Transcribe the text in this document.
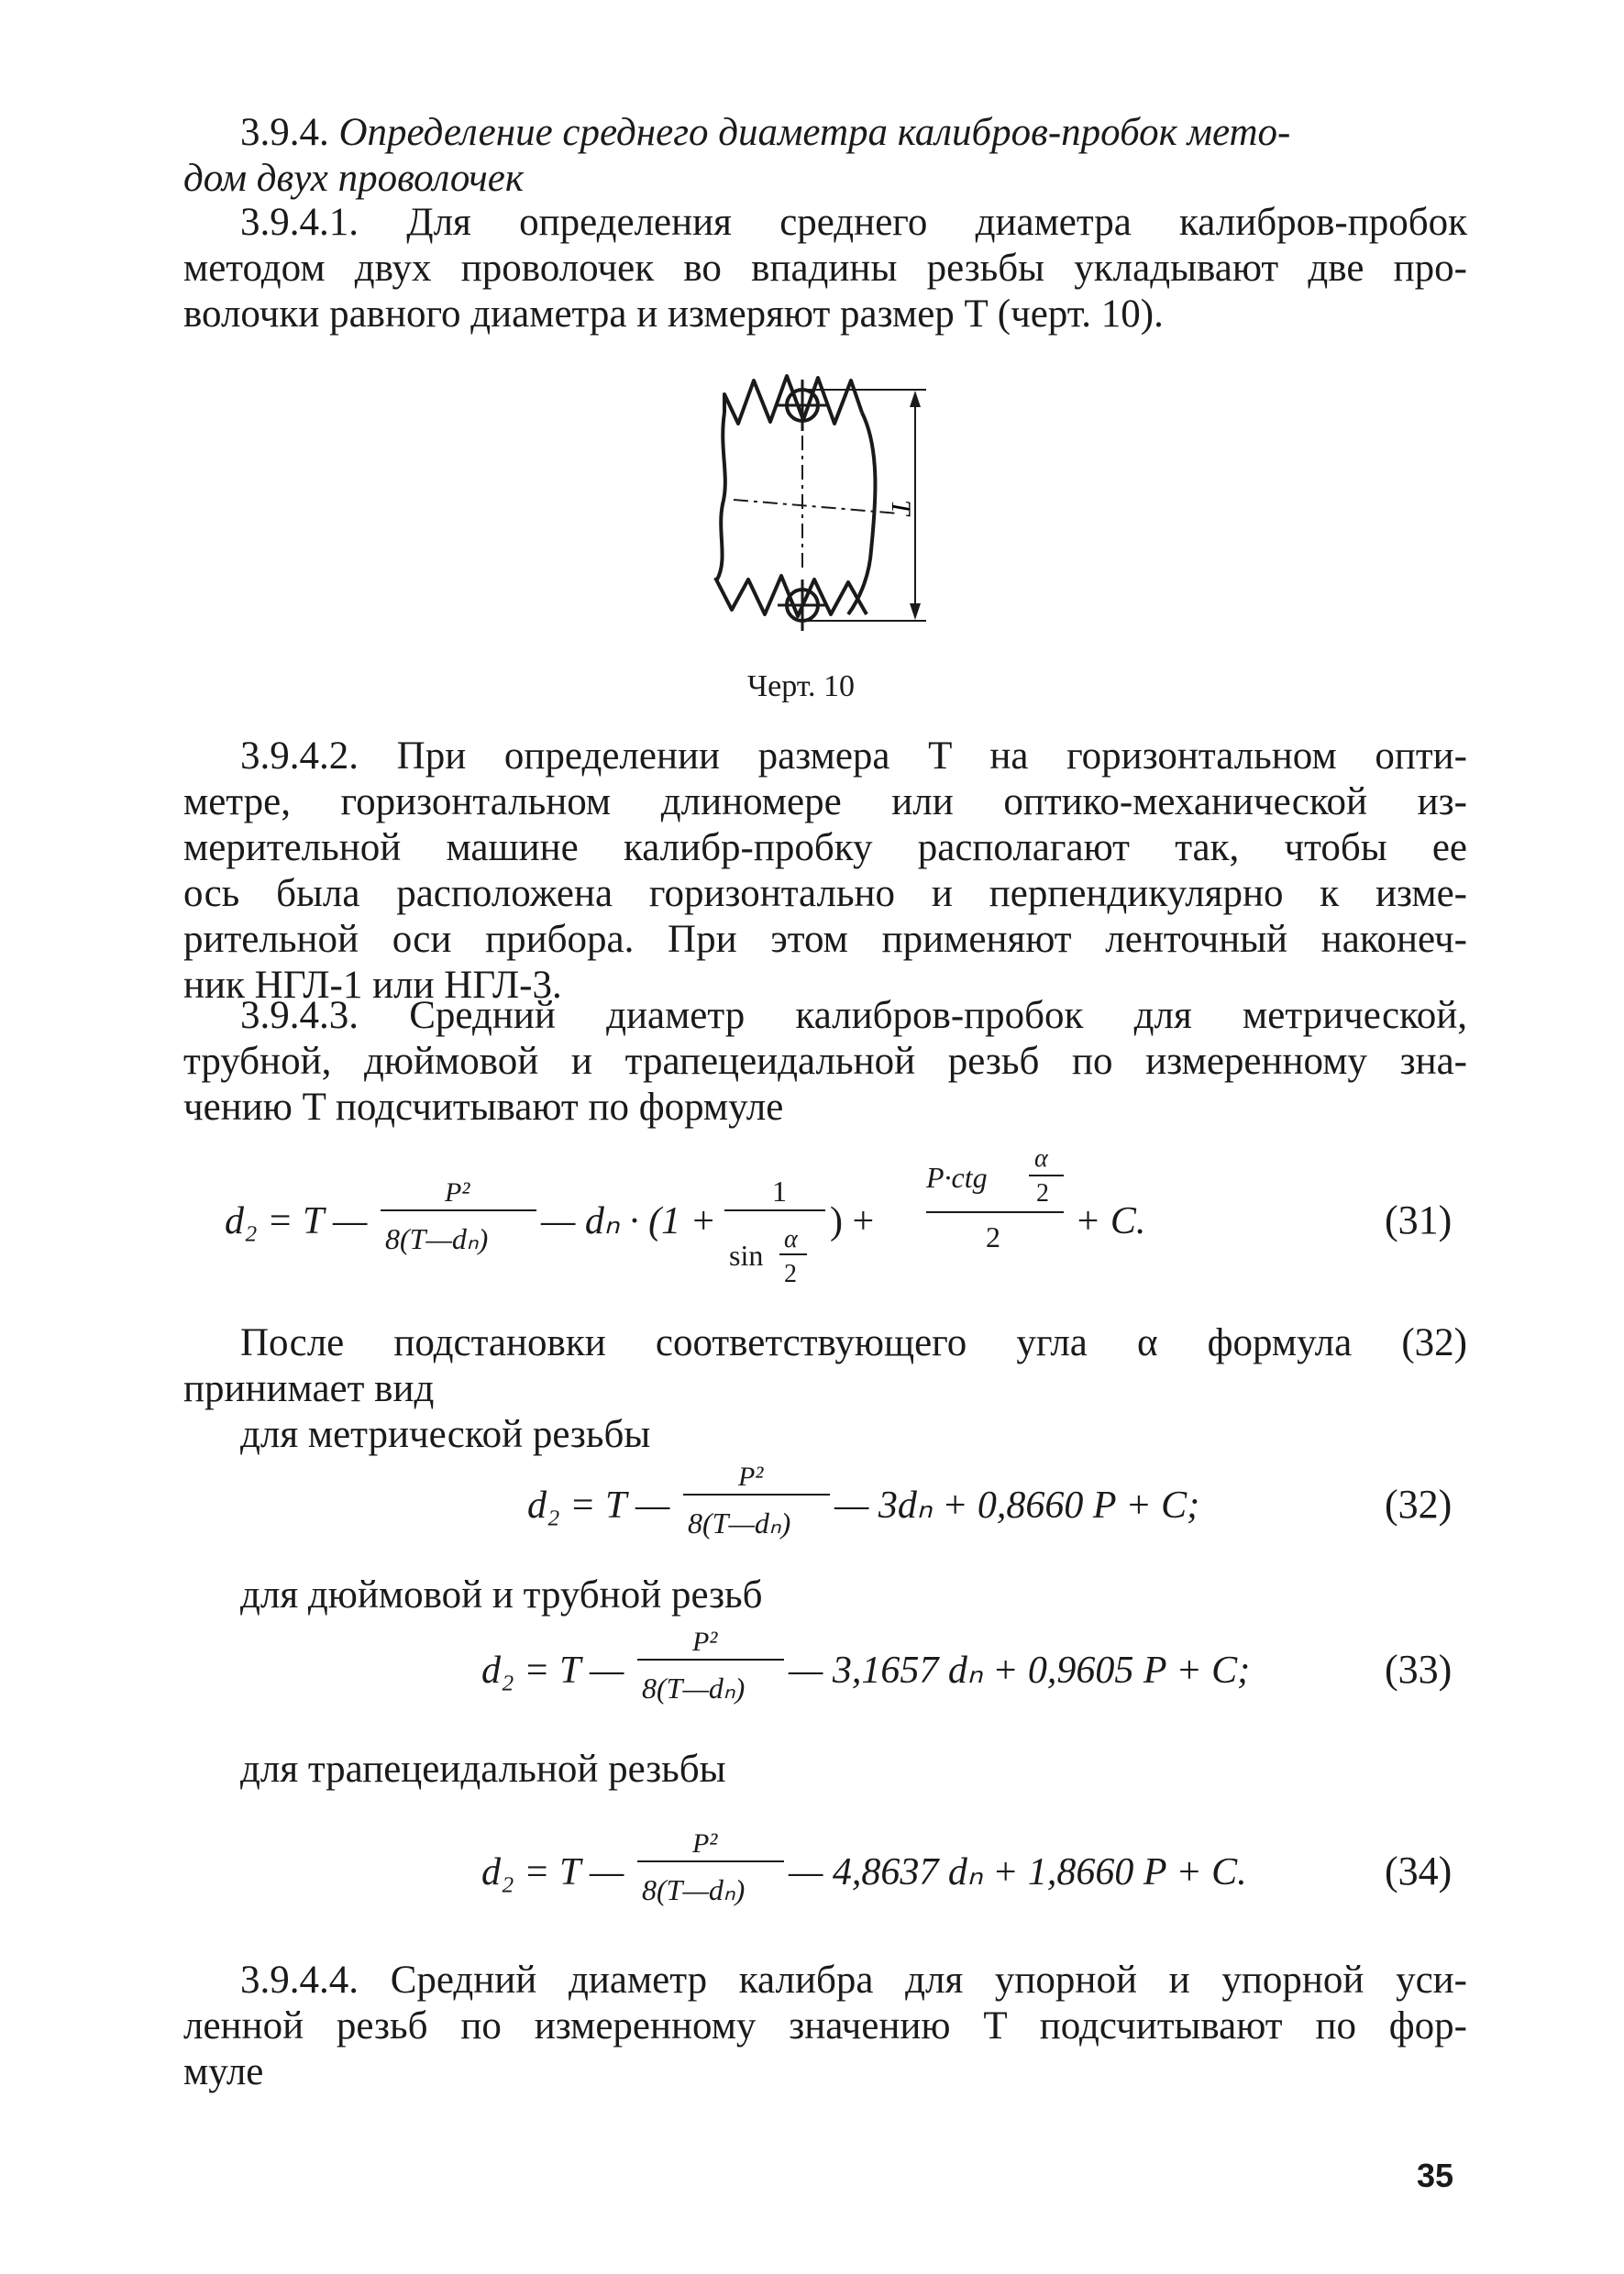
3.9.4. Определение среднего диаметра калибров-пробок мето-
дом двух проволочек
3.9.4.1. Для определения среднего диаметра калибров-пробок
методом двух проволочек во впадины резьбы укладывают две про-
волочки равного диаметра и измеряют размер T (черт. 10).
T
Черт. 10
3.9.4.2. При определении размера T на горизонтальном опти-
метре, горизонтальном длиномере или оптико-механической из-
мерительной машине калибр-пробку располагают так, чтобы ее
ось была расположена горизонтально и перпендикулярно к изме-
рительной оси прибора. При этом применяют ленточный наконеч-
ник НГЛ-1 или НГЛ-3.
3.9.4.3. Средний диаметр калибров-пробок для метрической,
трубной, дюймовой и трапецеидальной резьб по измеренному зна-
чению T подсчитывают по формуле
d₂ = T —
P²
8(T—dₙ) — dₙ · (1 +
1
sin α
2
) +
P·ctg
α
2
2 + C.	(31)
d₂ = T —
P²
8(T—dₙ) — 3dₙ + 0,8660 P + C;	(32)
d₂ = T —
P²
8(T—dₙ) — 3,1657 dₙ + 0,9605 P + C;	(33)
d₂ = T —
P²
8(T—dₙ) — 4,8637 dₙ + 1,8660 P + C.	(34)
После подстановки соответствующего угла α формула (32)
принимает вид
для метрической резьбы
для дюймовой и трубной резьб
для трапецеидальной резьбы
3.9.4.4. Средний диаметр калибра для упорной и упорной уси-
ленной резьб по измеренному значению T подсчитывают по фор-
муле
35
